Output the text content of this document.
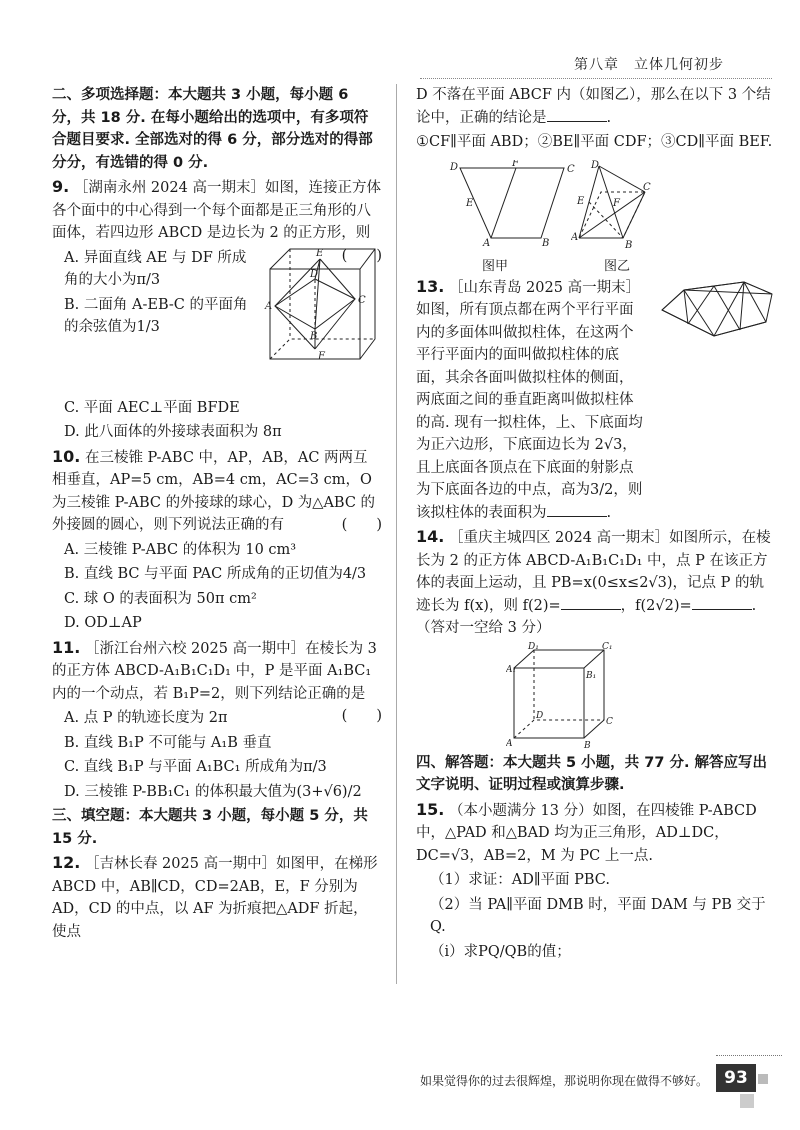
第八章　立体几何初步

二、多项选择题：本大题共 3 小题，每小题 6 分，共 18 分. 在每小题给出的选项中，有多项符合题目要求. 全部选对的得 6 分，部分选对的得部分分，有选错的得 0 分.

9. ［湖南永州 2024 高一期末］如图，连接正方体各个面中的中心得到一个每个面都是正三角形的八面体，若四边形 ABCD 是边长为 2 的正方形，则
(　　)

A. 异面直线 AE 与 DF 所成角的大小为π/3

B. 二面角 A-EB-C 的平面角的余弦值为1/3

E
D
A
B
C
F

C. 平面 AEC⊥平面 BFDE

D. 此八面体的外接球表面积为 8π

10. 在三棱锥 P-ABC 中，AP，AB，AC 两两互相垂直，AP=5 cm，AB=4 cm，AC=3 cm，O 为三棱锥 P-ABC 的外接球的球心，D 为△ABC 的外接圆的圆心，则下列说法正确的有	(　　)

A. 三棱锥 P-ABC 的体积为 10 cm³

B. 直线 BC 与平面 PAC 所成角的正切值为4/3

C. 球 O 的表面积为 50π cm²

D. OD⊥AP

11. ［浙江台州六校 2025 高一期中］在棱长为 3 的正方体 ABCD-A₁B₁C₁D₁ 中，P 是平面 A₁BC₁ 内的一个动点，若 B₁P=2，则下列结论正确的是
(　　)

A. 点 P 的轨迹长度为 2π

B. 直线 B₁P 不可能与 A₁B 垂直

C. 直线 B₁P 与平面 A₁BC₁ 所成角为π/3

D. 三棱锥 P-BB₁C₁ 的体积最大值为(3+√6)/2

三、填空题：本大题共 3 小题，每小题 5 分，共 15 分.

12. ［吉林长春 2025 高一期中］如图甲，在梯形 ABCD 中，AB∥CD，CD=2AB，E，F 分别为 AD，CD 的中点，以 AF 为折痕把△ADF 折起，使点

D 不落在平面 ABCF 内（如图乙），那么在以下 3 个结论中，正确的结论是	.

①CF∥平面 ABD；②BE∥平面 CDF；③CD∥平面 BEF.

D	F
C
E
A	B
图甲
D
C
E	F
A
B
图乙

13. ［山东青岛 2025 高一期末］如图，所有顶点都在两个平行平面内的多面体叫做拟柱体，在这两个平行平面内的面叫做拟柱体的底面，其余各面叫做拟柱体的侧面，两底面之间的垂直距离叫做拟柱体的高. 现有一拟柱体，上、下底面均为正六边形，下底面边长为 2√3，且上底面各顶点在下底面的射影点为下底面各边的中点，高为3/2，则该拟柱体的表面积为	.

14. ［重庆主城四区 2024 高一期末］如图所示，在棱长为 2 的正方体 ABCD-A₁B₁C₁D₁ 中，点 P 在该正方体的表面上运动，且 PB=x(0≤x≤2√3)，记点 P 的轨迹长为 f(x)，则 f(2)=	，f(2√2)=	.（答对一空给 3 分）

D₁	C₁
A₁
B₁
D
C
A	B

四、解答题：本大题共 5 小题，共 77 分. 解答应写出文字说明、证明过程或演算步骤.

15. （本小题满分 13 分）如图，在四棱锥 P-ABCD 中，△PAD 和△BAD 均为正三角形，AD⊥DC，DC=√3，AB=2，M 为 PC 上一点.

（1）求证：AD∥平面 PBC.

（2）当 PA∥平面 DMB 时，平面 DAM 与 PB 交于 Q.

（i）求PQ/QB的值；

如果觉得你的过去很辉煌，那说明你现在做得不够好。 93
